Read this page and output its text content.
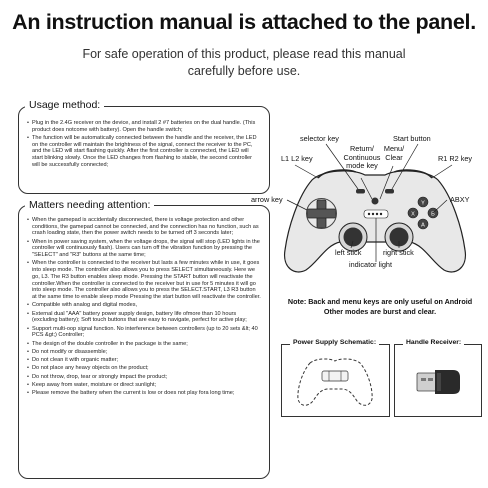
An instruction manual is attached to the panel.
For safe operation of this product, please read this manual
carefully before use.
Usage method:
• Plug in the 2.4G receiver on the device, and install 2 #7 batteries on the dual handle. (This product does notcome with battery). Open the handle switch;
• The function will be automatically connected between the handle and the receiver, the LED on the controller will maintain the brightness of the signal, connect the receiver to the PC, and the LED will start flashing quickly. After the first controller is connected, the LED will start blinking slowly. Once the LED changes from flashing to stable, the second controller will be successfully connected;
Matters needing attention:
• When the gamepad is accidentally disconnected, there is voltage protection and other conditions, the gamepad cannot be connected, and the connection has no function, such as crash loading state, then the power switch needs to be turned off 3 seconds later;
• When in power saving system, when the voltage drops, the signal will stop (LED lights in the controller will continuously flash). Users can turn off the vibration function by pressing the "SELECT" and "R3" buttons at the same time;
• When the controller is connected to the receiver but lasts a few minutes while in use, it goes into sleep mode. The controller also allows you to press SELECT simultaneously. Here we go, L3. The R3 button enables sleep mode. Pressing the START button will reactivate the controller.When the controller is connected to the receiver but in use for 5 minutes it will go into sleep mode. The controller also allows you to press the SELECT.START, L3 R3 button at the same time to enable sleep mode Pressing the start button will reactivate the controller.
• Compatible with analog and digital modes,
• External dual "AAA" battery power supply design, battery life ofmore than 10 hours (excluding battery); Soft touch buttons that are easy to navigate, perfect for active play;
• Support multi-oop signal function. No interference between controllers (up to 20 sets &lt; 40 PCS &gt;) Controller;
• The design of the double controller in the package is the same;
• Do not modify or disassemble;
• Do not clean it with organic matter;
• Do not place any heavy objects on the product;
• Do not throw, drop, tear or strongly impact the product;
• Keep away from water, moisture or direct sunlight;
• Please remove the battery when the current is low or does not play fora long time;
Y
X	B
A
selector key	Start button
L1 L2 key
Return/
Continuous
mode key
Menu/
Clear	R1 R2 key
arrow key	ABXY
left stick	right stick
indicator light
Note: Back and menu keys are only useful on Android
Other modes are burst and clear.
Power Supply Schematic:	Handle Receiver:
